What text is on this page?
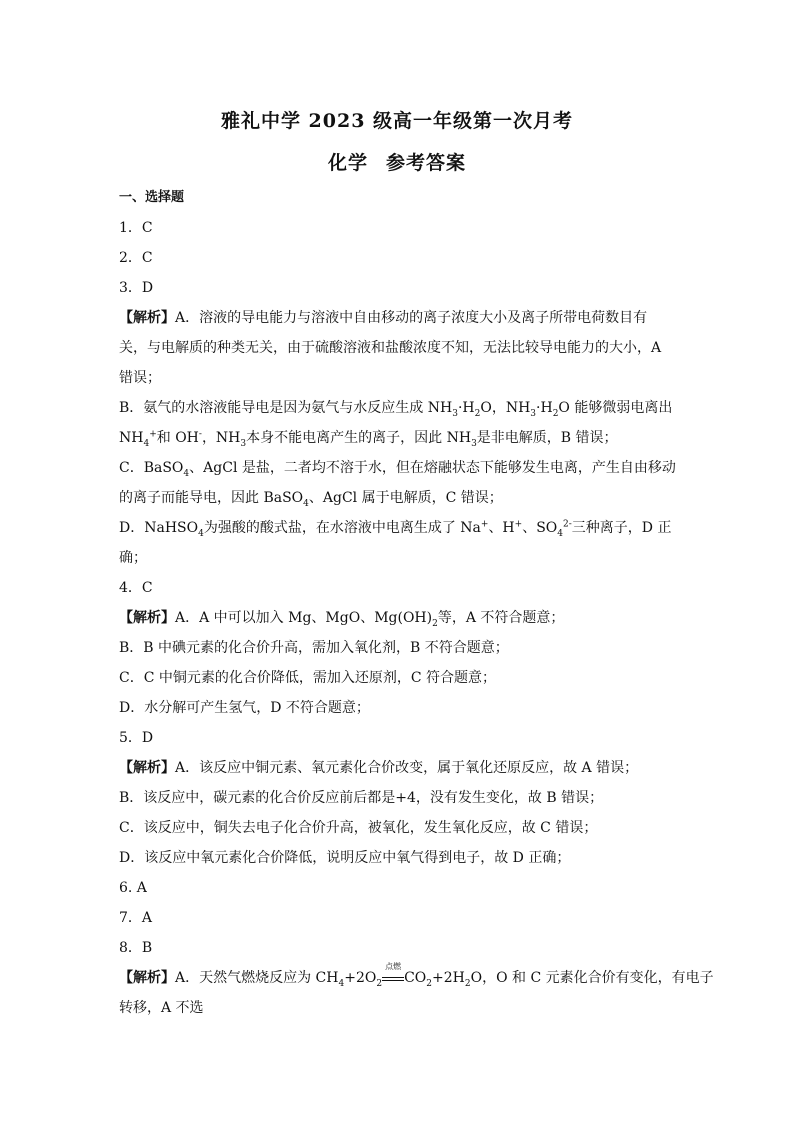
雅礼中学 2023 级高一年级第一次月考
化学 参考答案
一、选择题
1．C
2．C
3．D
【解析】A．溶液的导电能力与溶液中自由移动的离子浓度大小及离子所带电荷数目有
关，与电解质的种类无关，由于硫酸溶液和盐酸浓度不知，无法比较导电能力的大小，A
错误；
B．氨气的水溶液能导电是因为氨气与水反应生成 $NH_3\cdot H_2O$，$NH_3\cdot H_2O$ 能够微弱电离出
$NH_4^+$和 OH-，$NH_3$本身不能电离产生的离子，因此 $NH_3$是非电解质，B 错误；
C．BaSO$_4$、AgCl 是盐，二者均不溶于水，但在熔融状态下能够发生电离，产生自由移动
的离子而能导电，因此 BaSO$_4$、AgCl 属于电解质，C 错误；
D．NaHSO$_4$为强酸的酸式盐，在水溶液中电离生成了 Na+、H+、$SO_4^{2-}$三种离子，D 正
确；
4．C
【解析】A．A 中可以加入 Mg、MgO、$Mg(OH)_2$等，A 不符合题意；
B．B 中碘元素的化合价升高，需加入氧化剂，B 不符合题意；
C．C 中铜元素的化合价降低，需加入还原剂，C 符合题意；
D．水分解可产生氢气，D 不符合题意；
5．D
【解析】A．该反应中铜元素、氧元素化合价改变，属于氧化还原反应，故 A 错误；
B．该反应中，碳元素的化合价反应前后都是+4，没有发生变化，故 B 错误；
C．该反应中，铜失去电子化合价升高，被氧化，发生氧化反应，故 C 错误；
D．该反应中氧元素化合价降低，说明反应中氧气得到电子，故 D 正确；
6. A
7．A
8．B
【解析】A．天然气燃烧反应为 $CH_4+2O_2$
点燃
$CO_2+2H_2O$，O 和 C 元素化合价有变化，有电子
转移，A 不选
